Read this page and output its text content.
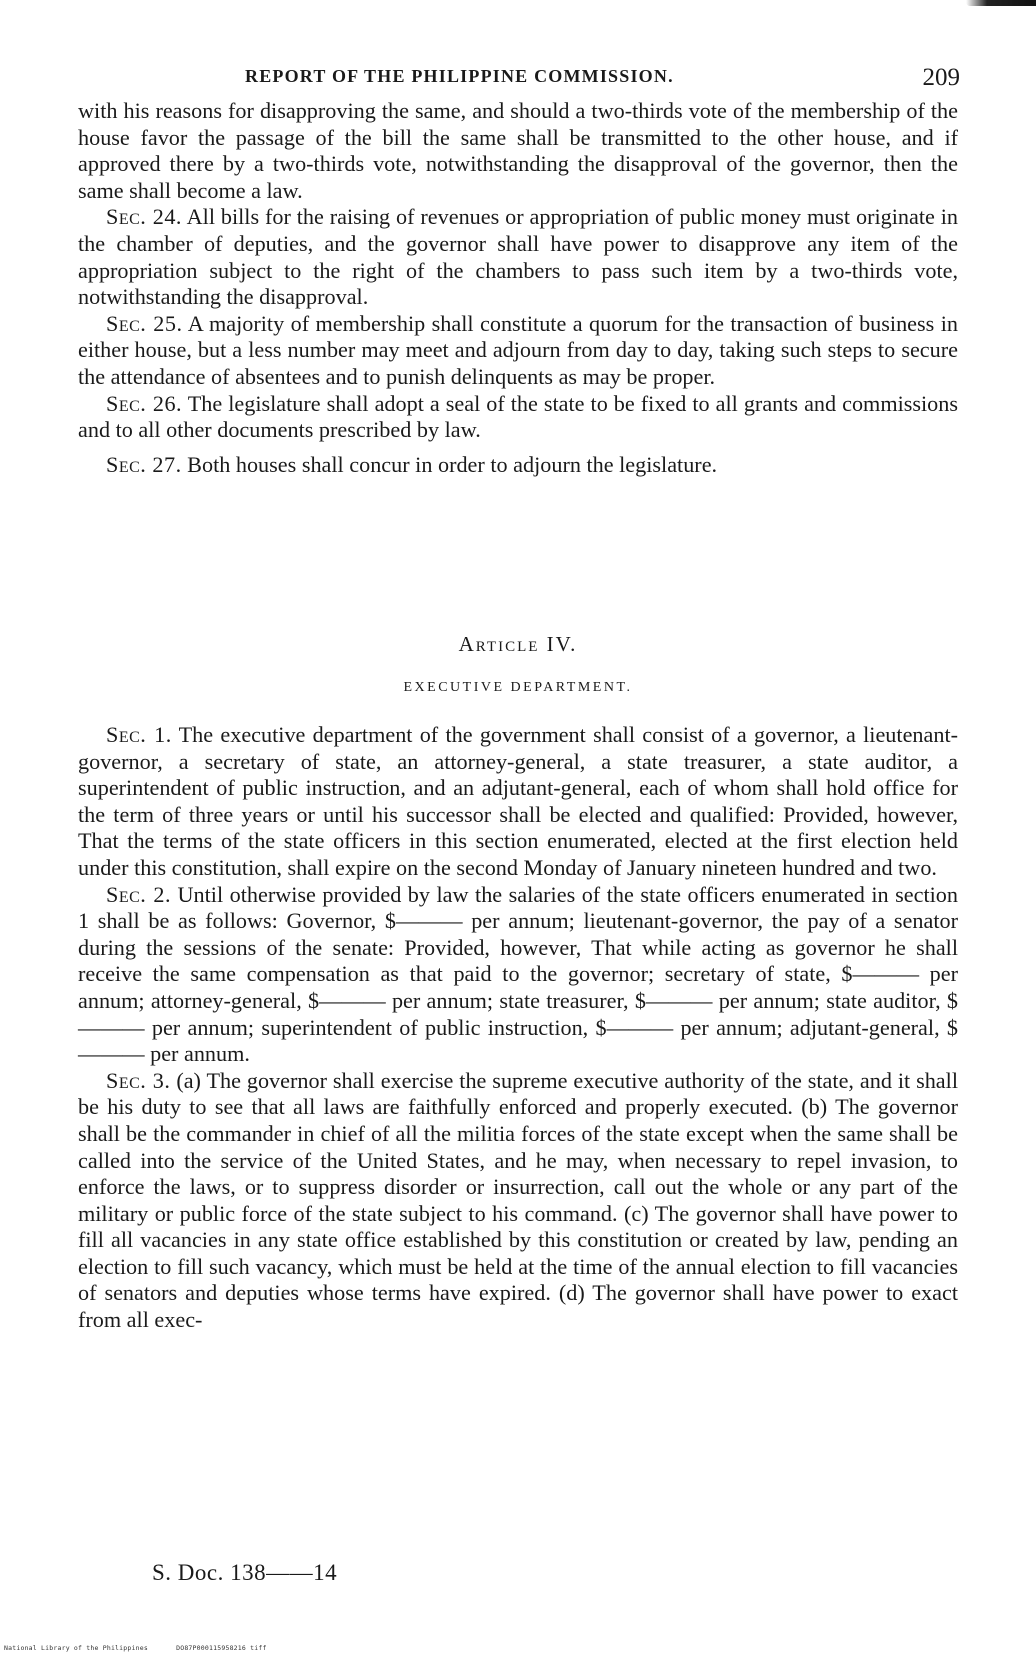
REPORT OF THE PHILIPPINE COMMISSION.	209

with his reasons for disapproving the same, and should a two-thirds vote of the membership of the house favor the passage of the bill the same shall be transmitted to the other house, and if approved there by a two-thirds vote, notwithstanding the disapproval of the governor, then the same shall become a law.

Sec. 24. All bills for the raising of revenues or appropriation of public money must originate in the chamber of deputies, and the governor shall have power to disapprove any item of the appropriation subject to the right of the chambers to pass such item by a two-thirds vote, notwithstanding the disapproval.

Sec. 25. A majority of membership shall constitute a quorum for the transaction of business in either house, but a less number may meet and adjourn from day to day, taking such steps to secure the attendance of absentees and to punish delinquents as may be proper.

Sec. 26. The legislature shall adopt a seal of the state to be fixed to all grants and commissions and to all other documents prescribed by law.

Sec. 27. Both houses shall concur in order to adjourn the legislature.

Article IV.
EXECUTIVE DEPARTMENT.

Sec. 1. The executive department of the government shall consist of a governor, a lieutenant-governor, a secretary of state, an attorney-general, a state treasurer, a state auditor, a superintendent of public instruction, and an adjutant-general, each of whom shall hold office for the term of three years or until his successor shall be elected and qualified: Provided, however, That the terms of the state officers in this section enumerated, elected at the first election held under this constitution, shall expire on the second Monday of January nineteen hundred and two.

Sec. 2. Until otherwise provided by law the salaries of the state officers enumerated in section 1 shall be as follows: Governor, $——— per annum; lieutenant-governor, the pay of a senator during the sessions of the senate: Provided, however, That while acting as governor he shall receive the same compensation as that paid to the governor; secretary of state, $——— per annum; attorney-general, $——— per annum; state treasurer, $——— per annum; state auditor, $——— per annum; superintendent of public instruction, $——— per annum; adjutant-general, $——— per annum.

Sec. 3. (a) The governor shall exercise the supreme executive authority of the state, and it shall be his duty to see that all laws are faithfully enforced and properly executed. (b) The governor shall be the commander in chief of all the militia forces of the state except when the same shall be called into the service of the United States, and he may, when necessary to repel invasion, to enforce the laws, or to suppress disorder or insurrection, call out the whole or any part of the military or public force of the state subject to his command. (c) The governor shall have power to fill all vacancies in any state office established by this constitution or created by law, pending an election to fill such vacancy, which must be held at the time of the annual election to fill vacancies of senators and deputies whose terms have expired. (d) The governor shall have power to exact from all exec-

S. Doc. 138——14
National Library of the Philippines	DO87P000115958216 tiff
